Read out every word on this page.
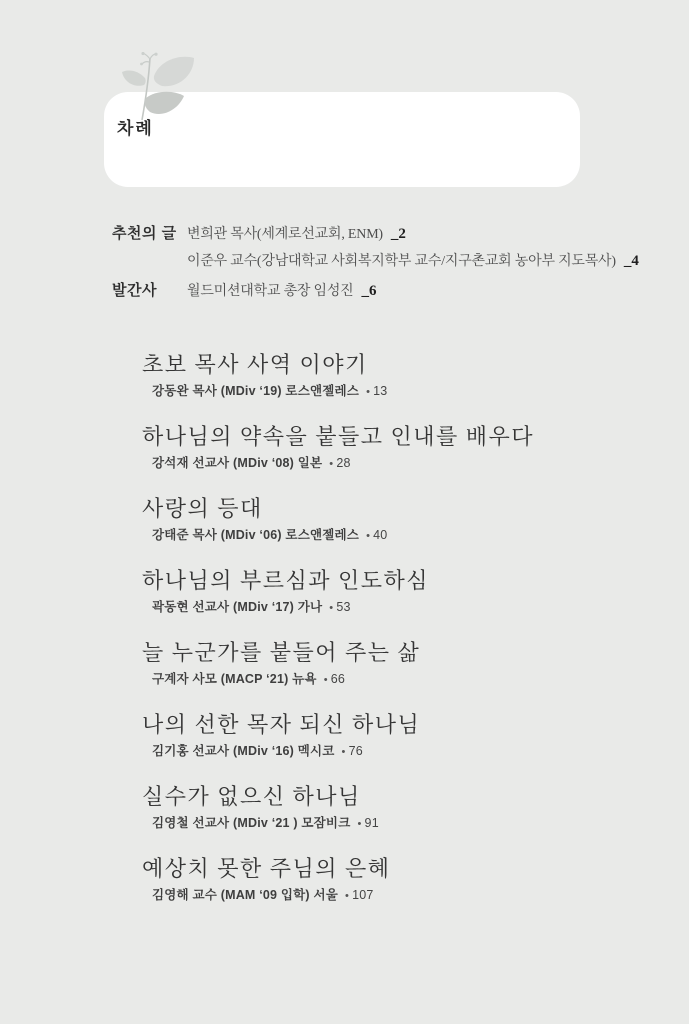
차례
추천의 글 변희관 목사(세계로선교회, ENM) _2
이준우 교수(강남대학교 사회복지학부 교수/지구촌교회 농아부 지도목사) _4
발간사	월드미션대학교 총장 임성진 _6
초보 목사 사역 이야기
강동완 목사 (MDiv ‘19) 로스앤젤레스 • 13
하나님의 약속을 붙들고 인내를 배우다
강석재 선교사 (MDiv ‘08) 일본 • 28
사랑의 등대
강태준 목사 (MDiv ‘06) 로스앤젤레스 • 40
하나님의 부르심과 인도하심
곽동현 선교사 (MDiv ‘17) 가나 • 53
늘 누군가를 붙들어 주는 삶
구계자 사모 (MACP ‘21) 뉴욕 • 66
나의 선한 목자 되신 하나님
김기홍 선교사 (MDiv ‘16) 멕시코 • 76
실수가 없으신 하나님
김영철 선교사 (MDiv ‘21 ) 모잠비크 • 91
예상치 못한 주님의 은혜
김영해 교수 (MAM ‘09 입학) 서울 • 107
